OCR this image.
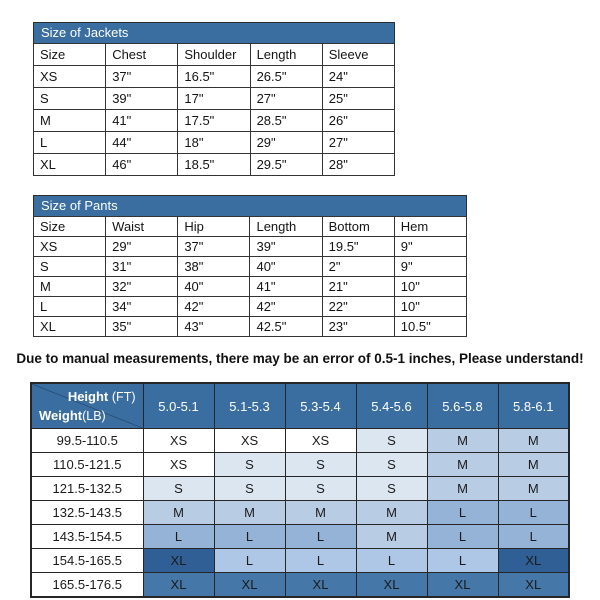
Size of Jackets
Size	Chest	Shoulder	Length	Sleeve
XS	37"	16.5"	26.5"	24"
S	39"	17"	27"	25"
M	41"	17.5"	28.5"	26"
L	44"	18"	29"	27"
XL	46"	18.5"	29.5"	28"
Size of Pants
Size	Waist	Hip	Length	Bottom	Hem
XS	29"	37"	39"	19.5"	9"
S	31"	38"	40"	2"	9"
M	32"	40"	41"	21"	10"
L	34"	42"	42"	22"	10"
XL	35"	43"	42.5"	23"	10.5"

Due to manual measurements, there may be an error of 0.5-1 inches, Please understand!

Height (FT)
Weight(LB)	5.0-5.1	5.1-5.3	5.3-5.4	5.4-5.6	5.6-5.8	5.8-6.1
99.5-110.5	XS	XS	XS	S	M	M
110.5-121.5	XS	S	S	S	M	M
121.5-132.5	S	S	S	S	M	M
132.5-143.5	M	M	M	M	L	L
143.5-154.5	L	L	L	M	L	L
154.5-165.5	XL	L	L	L	L	XL
165.5-176.5	XL	XL	XL	XL	XL	XL
